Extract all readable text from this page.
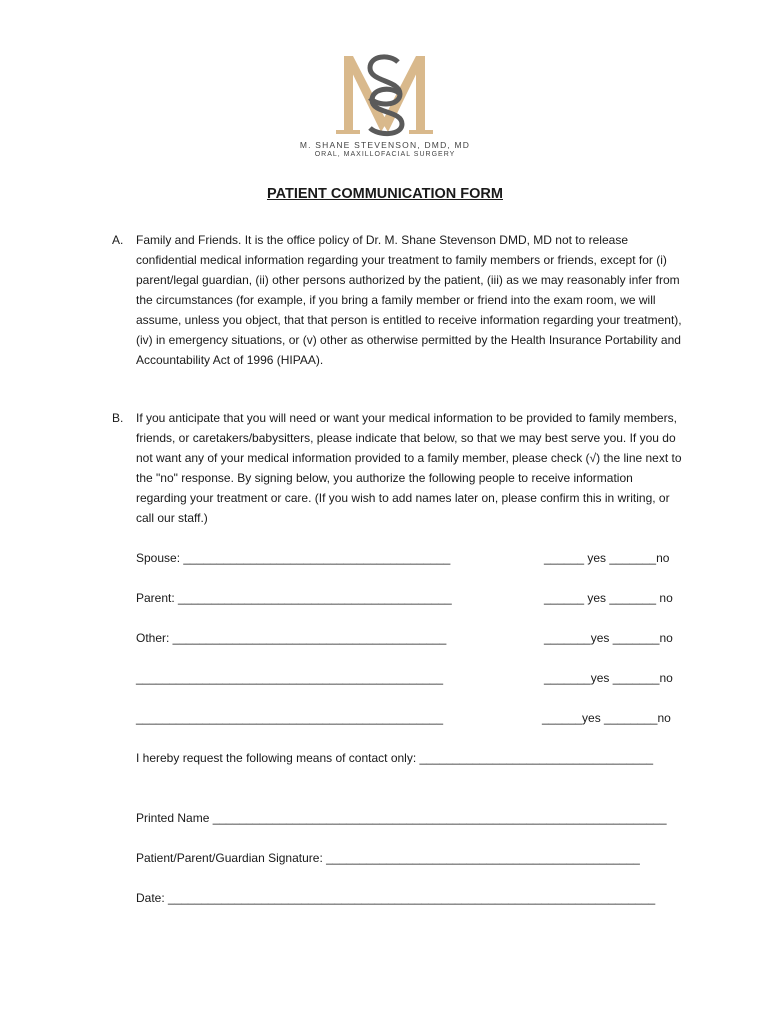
M. SHANE STEVENSON, DMD, MD
ORAL, MAXILLOFACIAL SURGERY
PATIENT COMMUNICATION FORM
A. Family and Friends. It is the office policy of Dr. M. Shane Stevenson DMD, MD not to release confidential medical information regarding your treatment to family members or friends, except for (i) parent/legal guardian, (ii) other persons authorized by the patient, (iii) as we may reasonably infer from the circumstances (for example, if you bring a family member or friend into the exam room, we will assume, unless you object, that that person is entitled to receive information regarding your treatment), (iv) in emergency situations, or (v) other as otherwise permitted by the Health Insurance Portability and Accountability Act of 1996 (HIPAA).
B. If you anticipate that you will need or want your medical information to be provided to family members, friends, or caretakers/babysitters, please indicate that below, so that we may best serve you. If you do not want any of your medical information provided to a family member, please check (√) the line next to the "no" response. By signing below, you authorize the following people to receive information regarding your treatment or care. (If you wish to add names later on, please confirm this in writing, or call our staff.)
Spouse: ________________________________________	______ yes _______no
Parent: _________________________________________	______ yes _______ no
Other: _________________________________________	_______yes _______no
______________________________________________	_______yes _______no
______________________________________________	______yes ________no
I hereby request the following means of contact only: ___________________________________
Printed Name ____________________________________________________________________
Patient/Parent/Guardian Signature: _______________________________________________
Date: _________________________________________________________________________
